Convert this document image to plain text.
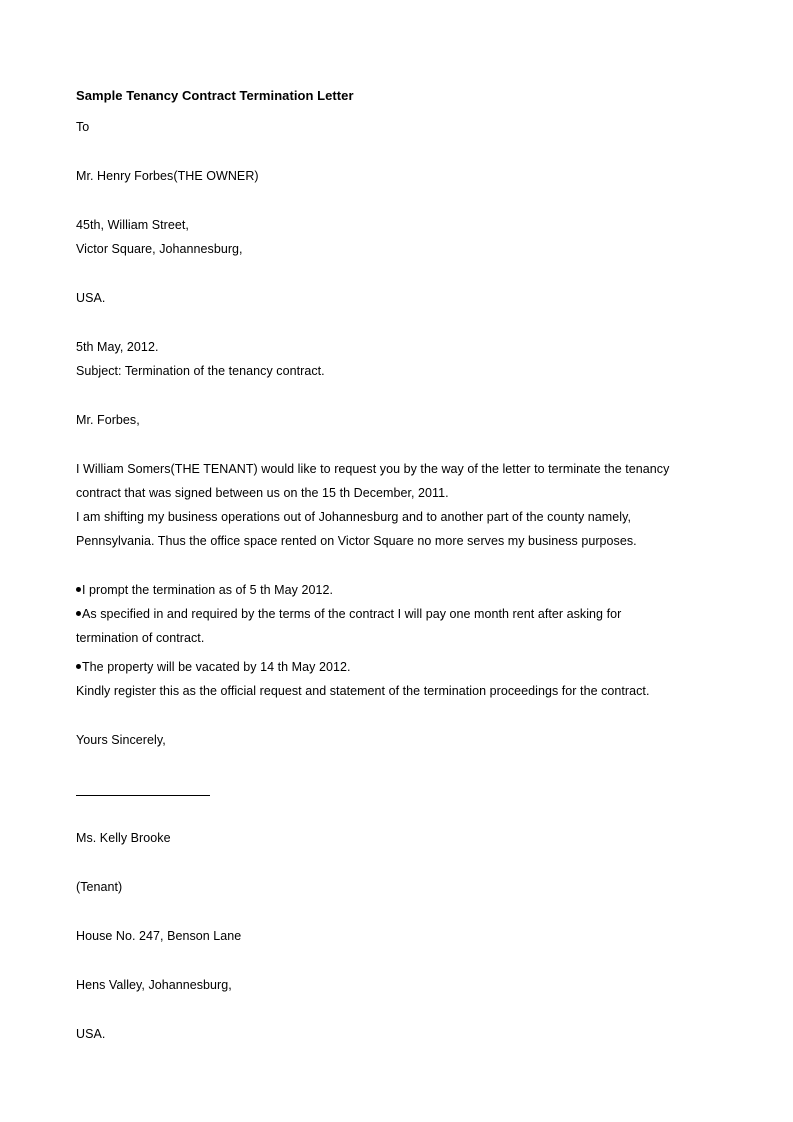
Sample Tenancy Contract Termination Letter
To
Mr. Henry Forbes(THE OWNER)
45th, William Street,
Victor Square, Johannesburg,
USA.
5th May, 2012.
Subject: Termination of the tenancy contract.
Mr. Forbes,
I William Somers(THE TENANT) would like to request you by the way of the letter to terminate the tenancy
contract that was signed between us on the 15 th December, 2011.
I am shifting my business operations out of Johannesburg and to another part of the county namely,
Pennsylvania. Thus the office space rented on Victor Square no more serves my business purposes.
I prompt the termination as of 5 th May 2012.
As specified in and required by the terms of the contract I will pay one month rent after asking for
termination of contract.
The property will be vacated by 14 th May 2012.
Kindly register this as the official request and statement of the termination proceedings for the contract.
Yours Sincerely,
Ms. Kelly Brooke
(Tenant)
House No. 247, Benson Lane
Hens Valley, Johannesburg,
USA.
